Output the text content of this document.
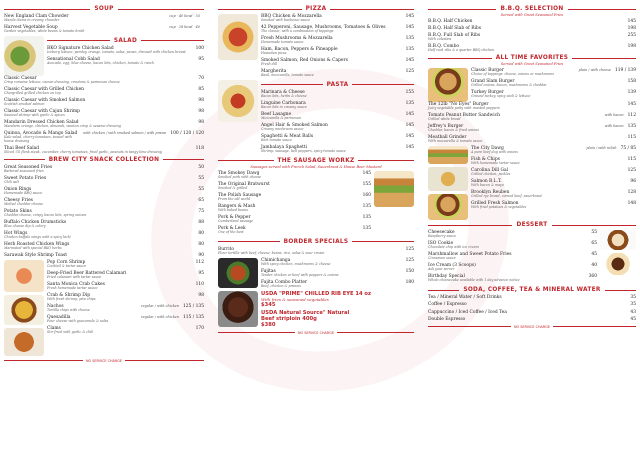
SOUP
New England Clam Chowder
Manila clams in creamy chowder
cup · 40 bowl · 55
Harvest Vegetable Soup
Garden vegetables, white beans & tomato broth
cup · 28 bowl · 40
SALAD
BKO Signature Chicken Salad
Iceberg lettuce, parsley, orange, tomato, salsa, pecan, dressed with chicken breast
100
Sensational Cobb Salad
Avocado, egg, blue cheese, bacon bits, chicken, tomato & ranch
95
Classic Caesar
Crisp romaine lettuce, caesar dressing, croutons & parmesan cheese
70
Classic Caesar with Grilled Chicken
Chargrilled grilled chicken on top
85
Classic Caesar with Smoked Salmon
Scottish smoked salmon
98
Classic Caesar with Cajun Shrimp
Sauteed shrimp with garlic & spices
98
Mandarin Dressed Chicken Salad
Mandarin orange, chicken, almonds, wonton crisp & sesame dressing
98
Quinoa, Avocado & Mango Salad
Kale salad, cherry tomatoes, tossed with house dressing
with chicken / with smoked salmon / with prawn 100 / 120 / 120
Thai Beef Salad
Sliced US flank steak, cucumber, cherry tomatoes, fried garlic, peanuts in tangy lime dressing
118
BREW CITY SNACK COLLECTION
Great Seasoned Fries
Battered seasoned fries
50
Sweet Potato Fries
Chili salt
55
Onion Rings
Homemade BBQ sauce
55
Cheesy Fries
Melted cheddar cheese
65
Potato Skins
Cheddar cheese, crispy bacon bits, spring onions
75
Buffalo Chicken Drumsticks
Blue cheese dip & celery
88
Hot Wings
Chicken buffalo wings with a spicy kick!
80
Herb Roasted Chicken Wings
Marinated with special BKO herbs
80
Sarawak Style Shrimp Toast	90
Pop Corn Shrimp
Cocktail & tartar sauce
112
Deep-Fried Beer Battered Calamari
Fried calamari with tartar sauce
95
Santa Monica Crab Cakes
Fresh homemade tartar sauce
110
Crab & Shrimp Dip
With fresh shrimp, pita chips
98
Nachos
Tortilla chips with cheese
regular / with chicken 125 / 135
Quesadilla
Four cheese with guacamole & salsa
regular / with chicken 115 / 135
Clams
Stir fried with garlic & chili
170
NO SERVICE CHARGE
PIZZA
BBQ Chicken & Mozzarella
Smoked with barbecue sauce
145
42 Pepperoni, Sausage, Mushrooms, Tomatoes & Olives
The classic, with a combination of toppings
145
Fresh Mushrooms & Mozzarella
Homemade tomato sauce
135
Ham, Bacon, Peppers & Pineapple
Hawaiian pizza
135
Smoked Salmon, Red Onions & Capers
Fresh dill
145
Margherita
Basil, mozzarella, tomato sauce
125
PASTA
Marinara & Cheese
Bacon bits, herbs & cheese
155
Linguine Carbonara
Bacon bits in creamy sauce
135
Beef Lasagne
Mozzarella & parmesan
145
Angel Hair & Smoked Salmon
Creamy mushroom sauce
145
Spaghetti & Meat Balls
Rich tomato sauce
145
Jambalaya Spaghetti
Shrimp, sausage, bell peppers, spicy tomato sauce
145
THE SAUSAGE WORKZ
Sausages served with French Salad, Sauerkraut & House Beer Mustard
The Smokey Dawg
Smoked pork with cheese
145
The Original Bratwurst
Smoked & grilled
155
The Polish Sausage
From the old world
160
Bangers & Mash
With baked beans
135
Pork & Pepper
Cumberland sausage
135
Pork & Leek
One of the best
135
BORDER SPECIALS
Burrito
Flour tortilla with beef, cheese, beans, rice, salsa & sour cream
125
Chimichanga
With spicy chicken, mushrooms & cheese
125
Fajitas
Tender chicken or beef with peppers & onions
150
Fajita Combo Platter
Beef, chicken & prawns
180
USDA "PRIME" CHILLED RIB EYE 14 oz
With fries & seasoned vegetables
$345
USDA Natural Source" Natural
Beef striploin 400g
$380
NO SERVICE CHARGE
B.B.Q. SELECTION
Served with Great Seasoned Fries
B.B.Q. Half Chicken	145
B.B.Q. Half Slab of Ribs	198
B.B.Q. Full Slab of Ribs
With coleslaw
255
B.B.Q. Combo
Half rack ribs & a quarter BBQ chicken
198
ALL TIME FAVORITES
Served with Great Seasoned Fries
Classic Burger
Choice of toppings: cheese, onions or mushrooms
plain / with cheese 119 / 139
Grand Slam Burger
Grilled onions, bacon, mushrooms & cheddar
158
Turkey Burger
Ground turkey, spicy aioli & lettuce
139
The 12lb "No Eyes" Burger
Juicy vegetable patty with roasted peppers
145
Tomato Peanut Butter Sandwich
Grilled white bread
with bacon 112
Jeffrey's Burger
Cheddar, bacon & fried onions
with bacon 135
Meatball Grinder
With mozzarella & tomato sauce
115
The City Dawg
A pure beef dog with onions
plain / with relish 75 / 85
Fish & Chips
With homemade tartar sauce
115
Carolina Dill Gal
Grilled chicken, pickles
125
Salmon B.L.T.
With bacon & mayo
96
Brooklyn Reuben
Grilled rye bread, corned beef, sauerkraut
128
Grilled Fresh Salmon
With fried potatoes & vegetables
148
DESSERT
Cheesecake
Raspberry sauce
55
ISO Cookie
Chocolate chip with ice cream
65
Marshmallow and Sweet Potato Fries
Cinnamon sauce
45
Ice Cream (3 Scoops)
Ask your server
40
Birthday Special
Whole cheesecake available with 1 day advance notice
360
SODA, COFFEE, TEA & MINERAL WATER
Tea / Mineral Water / Soft Drinks	35
Coffee / Espresso	35
Cappuccino / Iced Coffee / Iced Tea	43
Double Espresso	45
NO SERVICE CHARGE
